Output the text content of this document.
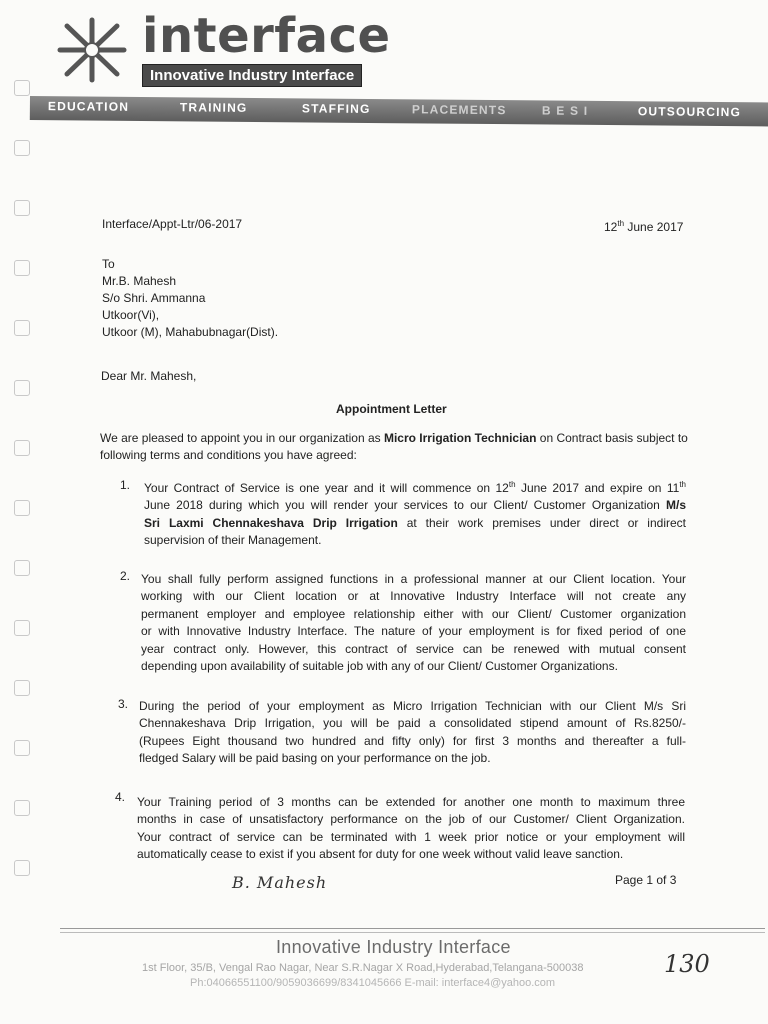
interface
Innovative Industry Interface
EDUCATION	TRAINING	STAFFING	PLACEMENTS	B E S I	OUTSOURCING
Interface/Appt-Ltr/06-2017	12th June 2017
To
Mr.B. Mahesh
S/o Shri. Ammanna
Utkoor(Vi),
Utkoor (M), Mahabubnagar(Dist).
Dear Mr. Mahesh,
Appointment Letter
We are pleased to appoint you in our organization as Micro Irrigation Technician on Contract basis subject to following terms and conditions you have agreed:
1. Your Contract of Service is one year and it will commence on 12th June 2017 and expire on 11th
June 2018 during which you will render your services to our Client/ Customer Organization M/s
Sri Laxmi Chennakeshava Drip Irrigation at their work premises under direct or indirect
supervision of their Management.
2. You shall fully perform assigned functions in a professional manner at our Client location. Your
working with our Client location or at Innovative Industry Interface will not create any
permanent employer and employee relationship either with our Client/ Customer organization
or with Innovative Industry Interface. The nature of your employment is for fixed period of one
year contract only. However, this contract of service can be renewed with mutual consent
depending upon availability of suitable job with any of our Client/ Customer Organizations.
3. During the period of your employment as Micro Irrigation Technician with our Client M/s Sri
Chennakeshava Drip Irrigation, you will be paid a consolidated stipend amount of Rs.8250/-
(Rupees Eight thousand two hundred and fifty only) for first 3 months and thereafter a full-
fledged Salary will be paid basing on your performance on the job.
4. Your Training period of 3 months can be extended for another one month to maximum three
months in case of unsatisfactory performance on the job of our Customer/ Client Organization.
Your contract of service can be terminated with 1 week prior notice or your employment will
automatically cease to exist if you absent for duty for one week without valid leave sanction.
B. Mahesh	Page 1 of 3
Innovative Industry Interface
1st Floor, 35/B, Vengal Rao Nagar, Near S.R.Nagar X Road,Hyderabad,Telangana-500038
Ph:04066551100/9059036699/8341045666 E-mail: interface4@yahoo.com
130
